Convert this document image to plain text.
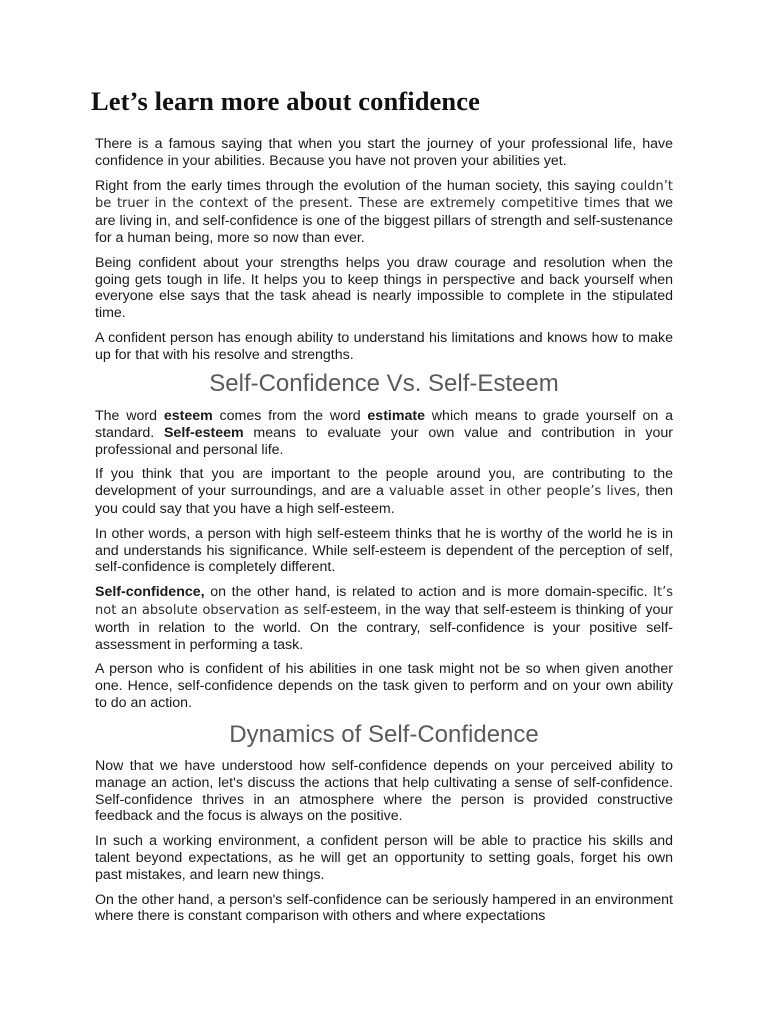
Let’s learn more about confidence

There is a famous saying that when you start the journey of your professional life, have confidence in your abilities. Because you have not proven your abilities yet.

Right from the early times through the evolution of the human society, this saying couldn’t be truer in the context of the present. These are extremely competitive times that we are living in, and self-confidence is one of the biggest pillars of strength and self-sustenance for a human being, more so now than ever.

Being confident about your strengths helps you draw courage and resolution when the going gets tough in life. It helps you to keep things in perspective and back yourself when everyone else says that the task ahead is nearly impossible to complete in the stipulated time.

A confident person has enough ability to understand his limitations and knows how to make up for that with his resolve and strengths.

Self-Confidence Vs. Self-Esteem

The word esteem comes from the word estimate which means to grade yourself on a standard. Self-esteem means to evaluate your own value and contribution in your professional and personal life.

If you think that you are important to the people around you, are contributing to the development of your surroundings, and are a valuable asset in other people’s lives, then you could say that you have a high self-esteem.

In other words, a person with high self-esteem thinks that he is worthy of the world he is in and understands his significance. While self-esteem is dependent of the perception of self, self-confidence is completely different.

Self-confidence, on the other hand, is related to action and is more domain-specific. It’s not an absolute observation as self-esteem, in the way that self-esteem is thinking of your worth in relation to the world. On the contrary, self-confidence is your positive self-assessment in performing a task.

A person who is confident of his abilities in one task might not be so when given another one. Hence, self-confidence depends on the task given to perform and on your own ability to do an action.

Dynamics of Self-Confidence

Now that we have understood how self-confidence depends on your perceived ability to manage an action, let's discuss the actions that help cultivating a sense of self-confidence. Self-confidence thrives in an atmosphere where the person is provided constructive feedback and the focus is always on the positive.

In such a working environment, a confident person will be able to practice his skills and talent beyond expectations, as he will get an opportunity to setting goals, forget his own past mistakes, and learn new things.

On the other hand, a person's self-confidence can be seriously hampered in an environment where there is constant comparison with others and where expectations
